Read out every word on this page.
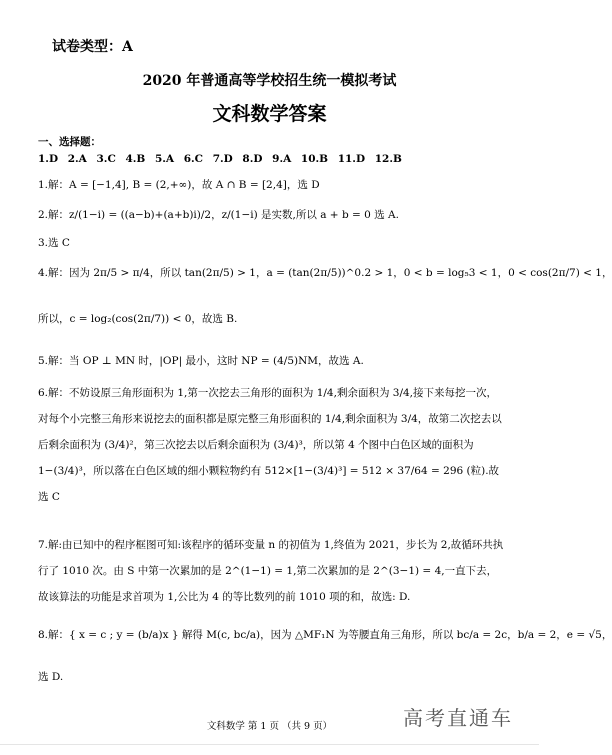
试卷类型：A
2020 年普通高等学校招生统一模拟考试
文科数学答案
一、选择题：
1.D 2.A 3.C 4.B 5.A 6.C 7.D 8.D 9.A 10.B 11.D 12.B
1.解：A = [−1,4], B = (2,+∞)，故 A ∩ B = [2,4]，选 D
2.解：z/(1−i) = ((a−b)+(a+b)i)/2，z/(1−i) 是实数,所以 a + b = 0 选 A.
3.选 C
4.解：因为 2π/5 > π/4，所以 tan(2π/5) > 1，a = (tan(2π/5))^0.2 > 1，0 < b = log₅3 < 1，0 < cos(2π/7) < 1，
所以，c = log₂(cos(2π/7)) < 0，故选 B.
5.解：当 OP ⊥ MN 时，|OP| 最小，这时 NP = (4/5)NM，故选 A.
6.解：不妨设原三角形面积为 1,第一次挖去三角形的面积为 1/4,剩余面积为 3/4,接下来每挖一次，对每个小完整三角形来说挖去的面积都是原完整三角形面积的 1/4,剩余面积为 3/4，故第二次挖去以后剩余面积为 (3/4)²，第三次挖去以后剩余面积为 (3/4)³，所以第 4 个图中白色区域的面积为 1−(3/4)³，所以落在白色区域的细小颗粒物约有 512×[1−(3/4)³] = 512 × 37/64 = 296 (粒).故选 C
7.解:由已知中的程序框图可知:该程序的循环变量 n 的初值为 1,终值为 2021，步长为 2,故循环共执行了 1010 次。由 S 中第一次累加的是 2^(1−1) = 1,第二次累加的是 2^(3−1) = 4,一直下去，故该算法的功能是求首项为 1,公比为 4 的等比数列的前 1010 项的和，故选: D.
8.解：{ x = c ; y = (b/a)x } 解得 M(c, bc/a)，因为 △MF₁N 为等腰直角三角形，所以 bc/a = 2c，b/a = 2，e = √5，
选 D.
文科数学 第 1 页 （共 9 页）	高考直通车
